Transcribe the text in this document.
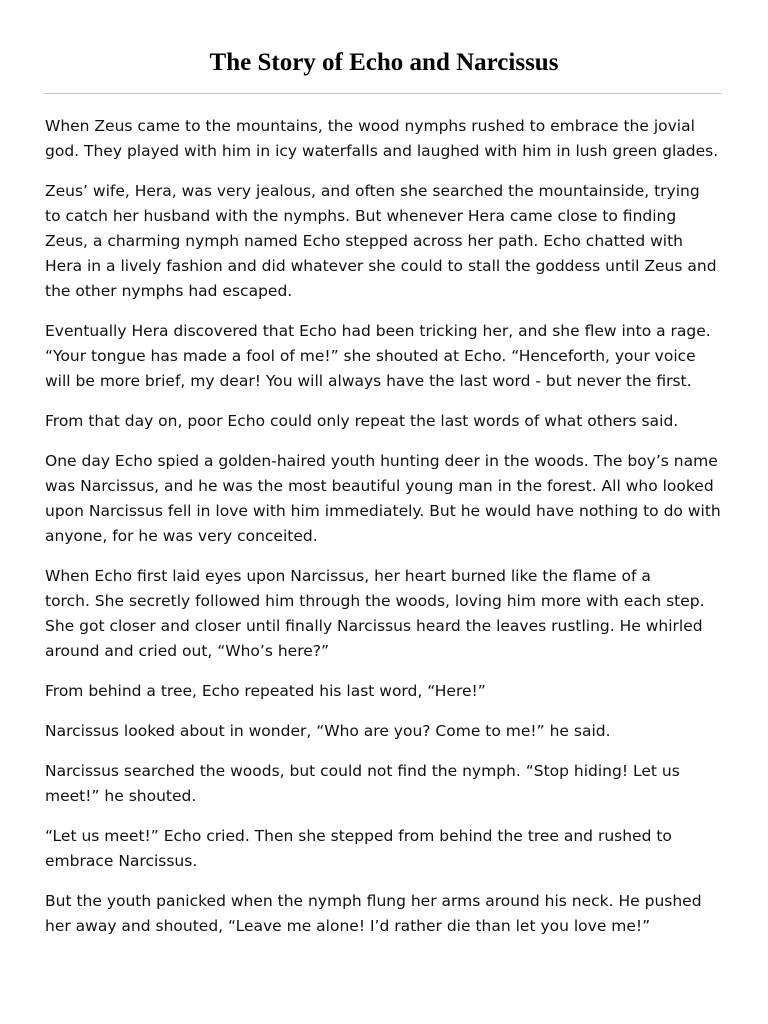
The Story of Echo and Narcissus

When Zeus came to the mountains, the wood nymphs rushed to embrace the jovial
god. They played with him in icy waterfalls and laughed with him in lush green glades.

Zeus’ wife, Hera, was very jealous, and often she searched the mountainside, trying
to catch her husband with the nymphs. But whenever Hera came close to finding
Zeus, a charming nymph named Echo stepped across her path. Echo chatted with
Hera in a lively fashion and did whatever she could to stall the goddess until Zeus and
the other nymphs had escaped.

Eventually Hera discovered that Echo had been tricking her, and she flew into a rage.
“Your tongue has made a fool of me!” she shouted at Echo. “Henceforth, your voice
will be more brief, my dear! You will always have the last word - but never the first.

From that day on, poor Echo could only repeat the last words of what others said.

One day Echo spied a golden-haired youth hunting deer in the woods. The boy’s name
was Narcissus, and he was the most beautiful young man in the forest. All who looked
upon Narcissus fell in love with him immediately. But he would have nothing to do with
anyone, for he was very conceited.

When Echo first laid eyes upon Narcissus, her heart burned like the flame of a
torch. She secretly followed him through the woods, loving him more with each step.
She got closer and closer until finally Narcissus heard the leaves rustling. He whirled
around and cried out, “Who’s here?”

From behind a tree, Echo repeated his last word, “Here!”

Narcissus looked about in wonder, “Who are you? Come to me!” he said.

Narcissus searched the woods, but could not find the nymph. “Stop hiding! Let us
meet!” he shouted.

“Let us meet!” Echo cried. Then she stepped from behind the tree and rushed to
embrace Narcissus.

But the youth panicked when the nymph flung her arms around his neck. He pushed
her away and shouted, “Leave me alone! I’d rather die than let you love me!”
